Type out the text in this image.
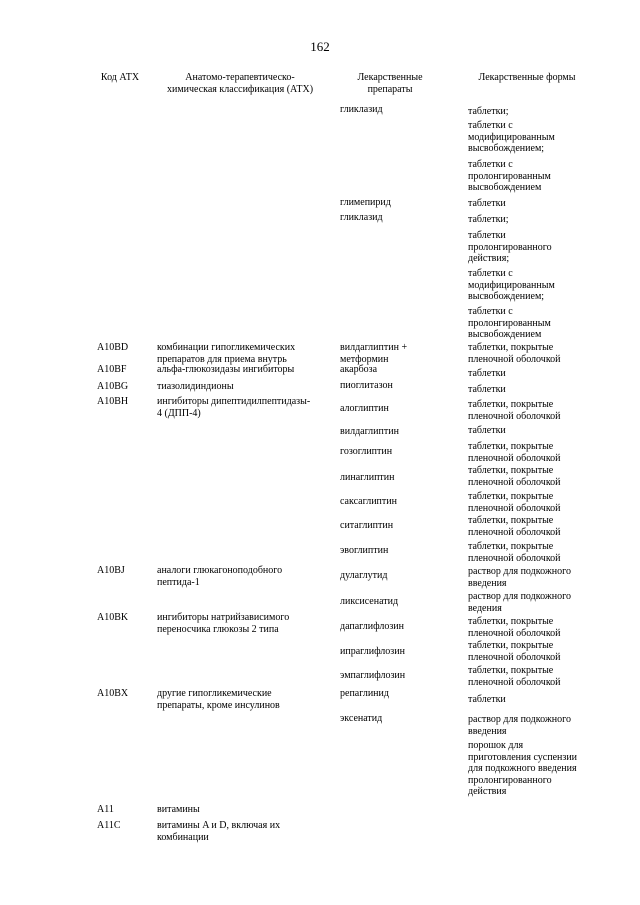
162
Код АТХ	Анатомо-терапевтическо-
химическая классификация (АТХ)
Лекарственные
препараты
Лекарственные формы
A10BD
A10BF
A10BG
A10BH
A10BJ
A10BK
A10BX
A11
A11C
комбинации гипогликемических
препаратов для приема внутрь
альфа-глюкозидазы ингибиторы
тиазолидиндионы
ингибиторы дипептидилпептидазы-
4 (ДПП-4)
аналоги глюкагоноподобного
пептида-1
ингибиторы натрийзависимого
переносчика глюкозы 2 типа
другие гипогликемические
препараты, кроме инсулинов
витамины
витамины A и D, включая их
комбинации
гликлазид
глимепирид
гликлазид
вилдаглиптин +
метформин
акарбоза
пиоглитазон
алоглиптин
вилдаглиптин
гозоглиптин
линаглиптин
саксаглиптин
ситаглиптин
эвоглиптин
дулаглутид
ликсисенатид
дапаглифлозин
ипраглифлозин
эмпаглифлозин
репаглинид
эксенатид
таблетки;
таблетки с
модифицированным
высвобождением;
таблетки с
пролонгированным
высвобождением
таблетки
таблетки;
таблетки
пролонгированного
действия;
таблетки с
модифицированным
высвобождением;
таблетки с
пролонгированным
высвобождением
таблетки, покрытые
пленочной оболочкой
таблетки
таблетки
таблетки, покрытые
пленочной оболочкой
таблетки
таблетки, покрытые
пленочной оболочкой
таблетки, покрытые
пленочной оболочкой
таблетки, покрытые
пленочной оболочкой
таблетки, покрытые
пленочной оболочкой
таблетки, покрытые
пленочной оболочкой
раствор для подкожного
введения
раствор для подкожного
ведения
таблетки, покрытые
пленочной оболочкой
таблетки, покрытые
пленочной оболочкой
таблетки, покрытые
пленочной оболочкой
таблетки
раствор для подкожного
введения
порошок для
приготовления суспензии
для подкожного введения
пролонгированного
действия
